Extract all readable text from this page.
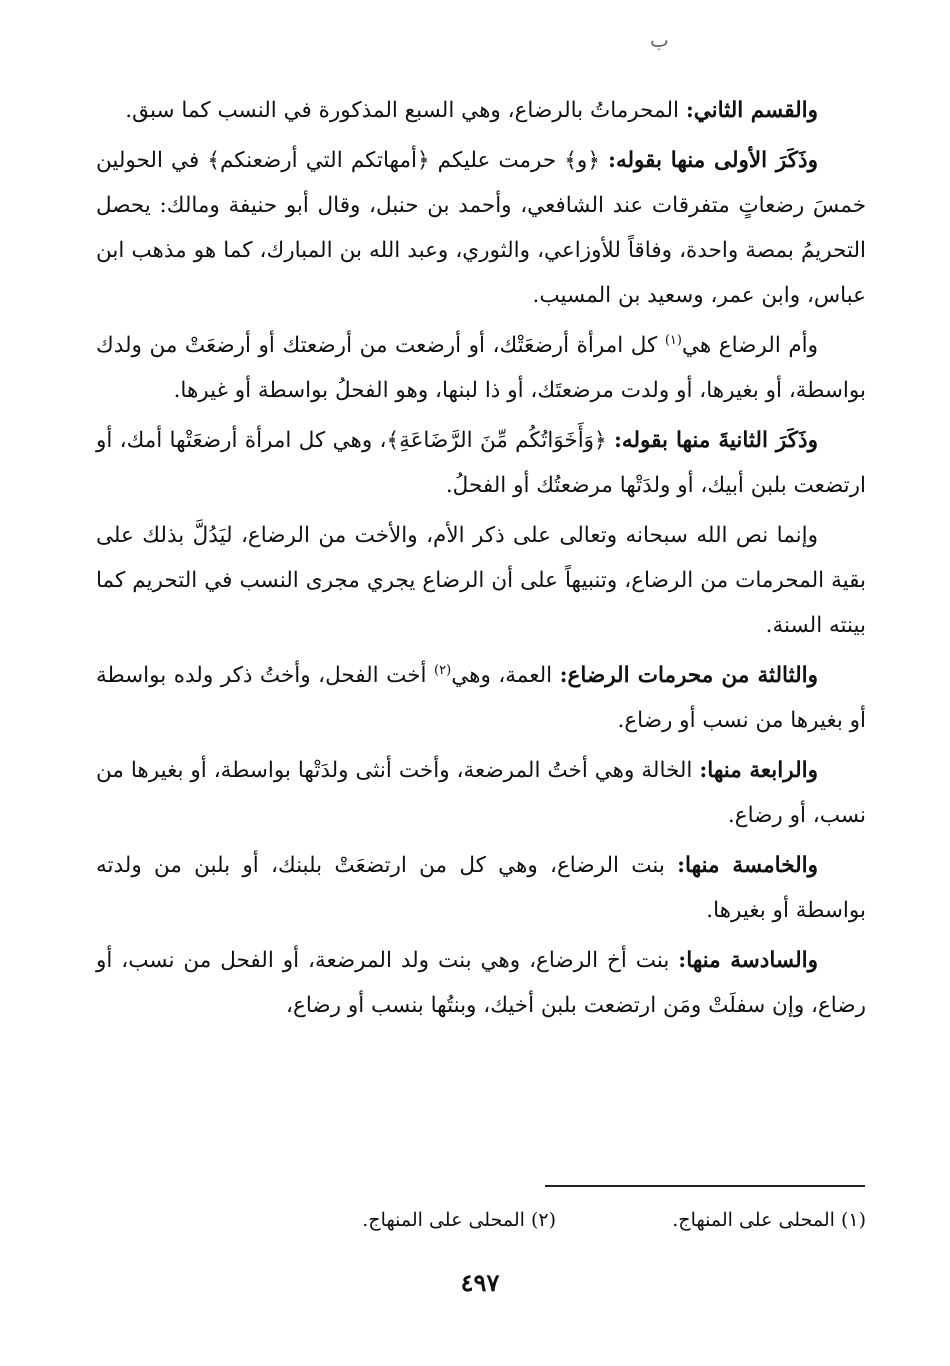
ب

والقسم الثاني: المحرماتُ بالرضاع، وهي السبع المذكورة في النسب كما سبق.

وذَكَرَ الأولى منها بقوله: ﴿و﴾ حرمت عليكم ﴿أمهاتكم التي أرضعنكم﴾ في الحولين خمسَ رضعاتٍ متفرقات عند الشافعي، وأحمد بن حنبل، وقال أبو حنيفة ومالك: يحصل التحريمُ بمصة واحدة، وفاقاً للأوزاعي، والثوري، وعبد الله بن المبارك، كما هو مذهب ابن عباس، وابن عمر، وسعيد بن المسيب.

وأم الرضاع هي$^{(١)}$ كل امرأة أرضعَتْك، أو أرضعت من أرضعتك أو أرضعَتْ من ولدك بواسطة، أو بغيرها، أو ولدت مرضعتَك، أو ذا لبنها، وهو الفحلُ بواسطة أو غيرها.

وذَكَرَ الثانيةَ منها بقوله: ﴿وَأَخَوَاتُكُم مِّنَ الرَّضَاعَةِ﴾، وهي كل امرأة أرضعَتْها أمك، أو ارتضعت بلبن أبيك، أو ولدَتْها مرضعتُك أو الفحلُ.

وإنما نص الله سبحانه وتعالى على ذكر الأم، والأخت من الرضاع، ليَدُلَّ بذلك على بقية المحرمات من الرضاع، وتنبيهاً على أن الرضاع يجري مجرى النسب في التحريم كما بينته السنة.

والثالثة من محرمات الرضاع: العمة، وهي$^{(٢)}$ أخت الفحل، وأختُ ذكر ولده بواسطة أو بغيرها من نسب أو رضاع.

والرابعة منها: الخالة وهي أختُ المرضعة، وأخت أنثى ولدَتْها بواسطة، أو بغيرها من نسب، أو رضاع.

والخامسة منها: بنت الرضاع، وهي كل من ارتضعَتْ بلبنك، أو بلبن من ولدته بواسطة أو بغيرها.

والسادسة منها: بنت أخ الرضاع، وهي بنت ولد المرضعة، أو الفحل من نسب، أو رضاع، وإن سفلَتْ ومَن ارتضعت بلبن أخيك، وبنتُها بنسب أو رضاع،

(١) المحلى على المنهاج.
(٢) المحلى على المنهاج.
٤٩٧
